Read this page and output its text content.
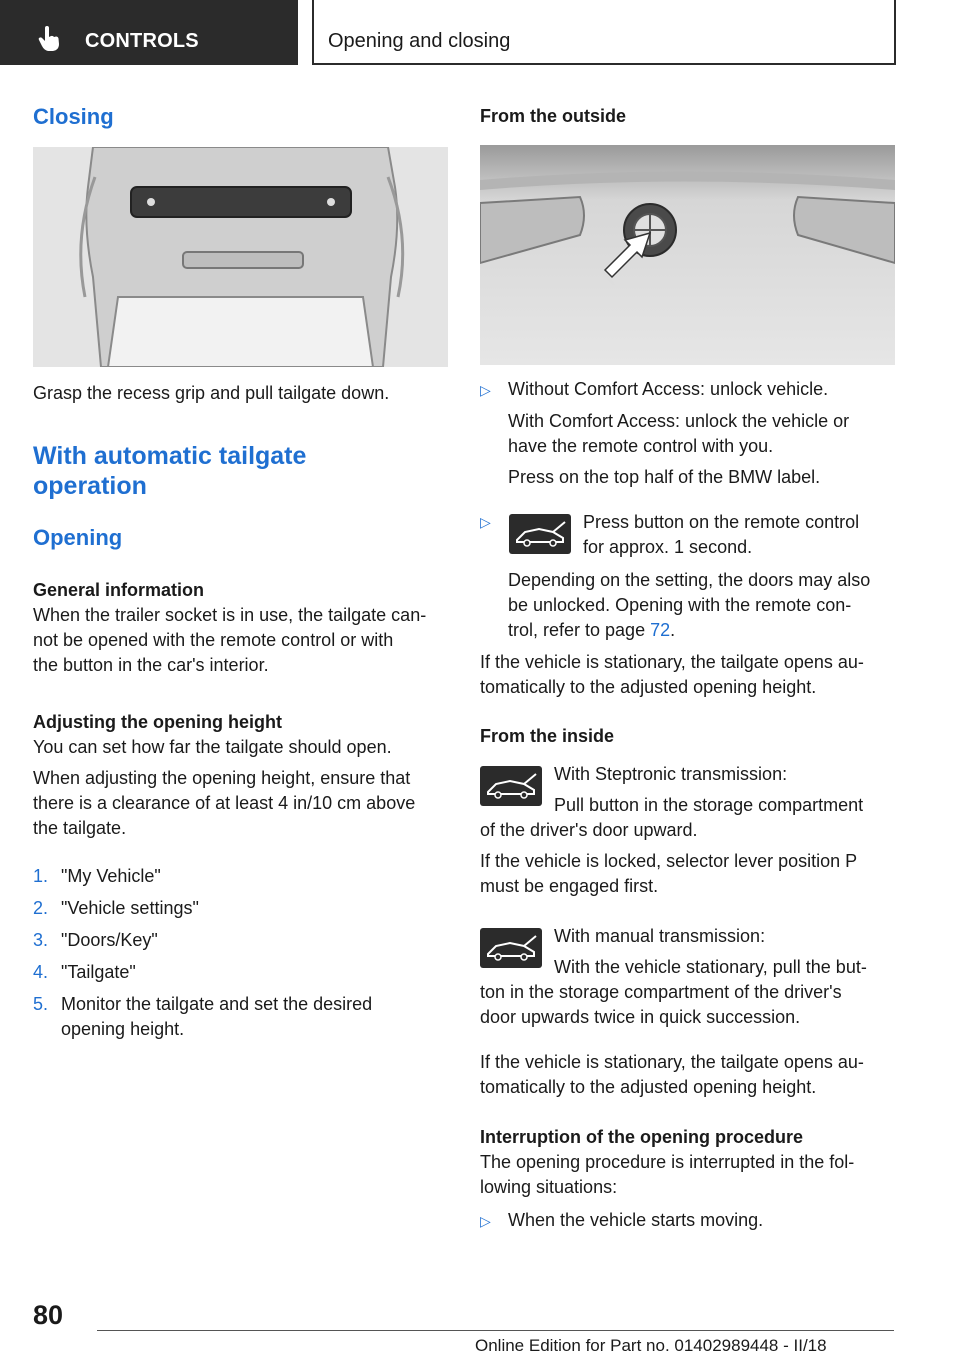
CONTROLS	Opening and closing
Closing
Grasp the recess grip and pull tailgate down.
With automatic tailgate
operation
Opening
General information
When the trailer socket is in use, the tailgate can-
not be opened with the remote control or with
the button in the car's interior.
Adjusting the opening height
You can set how far the tailgate should open.
When adjusting the opening height, ensure that
there is a clearance of at least 4 in/10 cm above
the tailgate.
1. "My Vehicle"
2. "Vehicle settings"
3. "Doors/Key"
4. "Tailgate"
5. Monitor the tailgate and set the desired
opening height.
From the outside
▷ Without Comfort Access: unlock vehicle.
With Comfort Access: unlock the vehicle or
have the remote control with you.
Press on the top half of the BMW label.
▷	Press button on the remote control
for approx. 1 second.
Depending on the setting, the doors may also
be unlocked. Opening with the remote con-
trol, refer to page 72.
If the vehicle is stationary, the tailgate opens au-
tomatically to the adjusted opening height.
From the inside
With Steptronic transmission:
Pull button in the storage compartment
of the driver's door upward.
If the vehicle is locked, selector lever position P
must be engaged first.
With manual transmission:
With the vehicle stationary, pull the but-
ton in the storage compartment of the driver's
door upwards twice in quick succession.
If the vehicle is stationary, the tailgate opens au-
tomatically to the adjusted opening height.
Interruption of the opening procedure
The opening procedure is interrupted in the fol-
lowing situations:
▷ When the vehicle starts moving.
80
Online Edition for Part no. 01402989448 - II/18
